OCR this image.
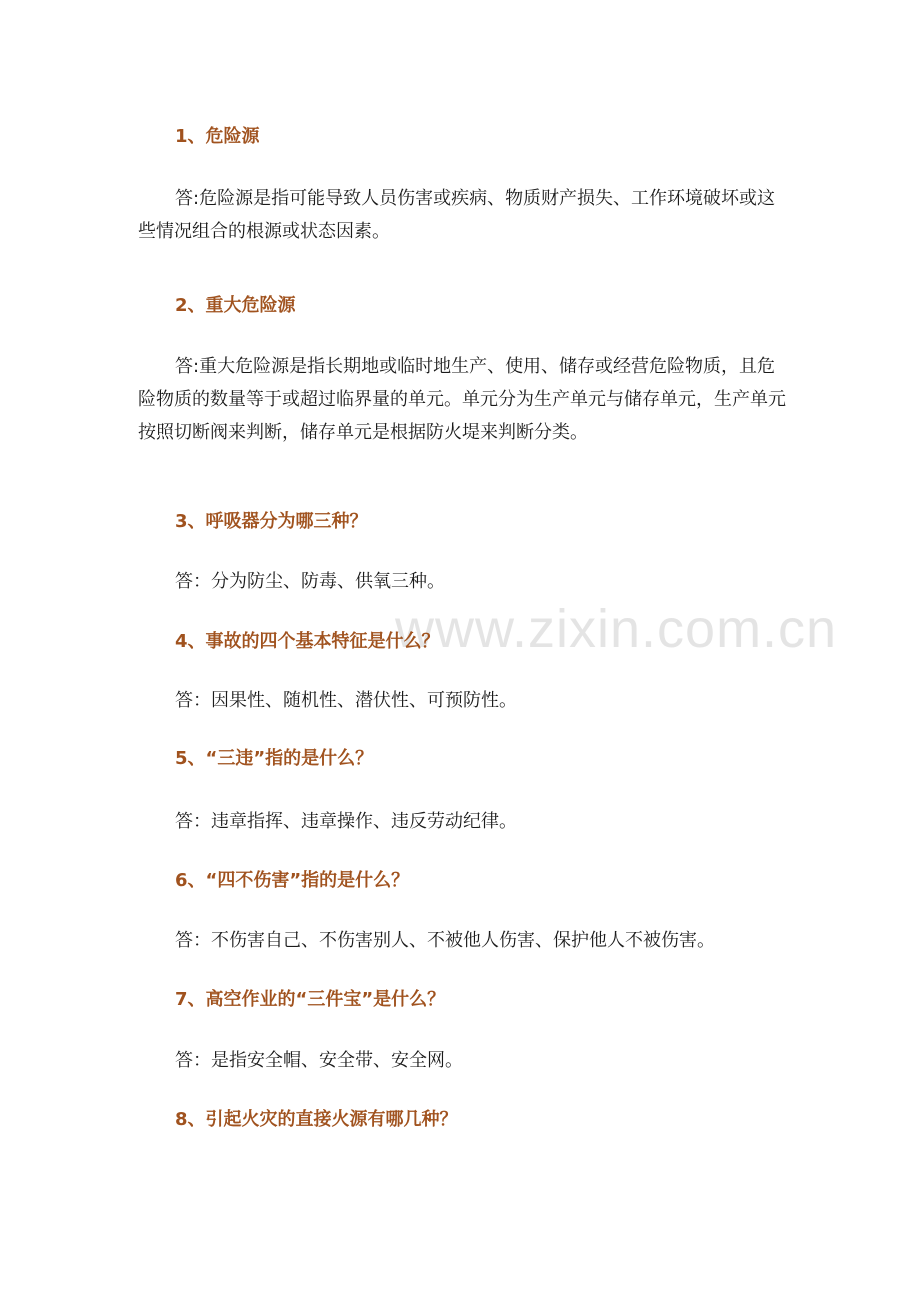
www.zixin.com.cn
1、危险源

答:危险源是指可能导致人员伤害或疾病、物质财产损失、工作环境破坏或这些情况组合的根源或状态因素。

2、重大危险源

答:重大危险源是指长期地或临时地生产、使用、储存或经营危险物质，且危险物质的数量等于或超过临界量的单元。单元分为生产单元与储存单元，生产单元按照切断阀来判断，储存单元是根据防火堤来判断分类。

3、呼吸器分为哪三种？

答：分为防尘、防毒、供氧三种。

4、事故的四个基本特征是什么？

答：因果性、随机性、潜伏性、可预防性。

5、“三违”指的是什么？

答：违章指挥、违章操作、违反劳动纪律。

6、“四不伤害”指的是什么？

答：不伤害自己、不伤害别人、不被他人伤害、保护他人不被伤害。

7、高空作业的“三件宝”是什么？

答：是指安全帽、安全带、安全网。

8、引起火灾的直接火源有哪几种？
